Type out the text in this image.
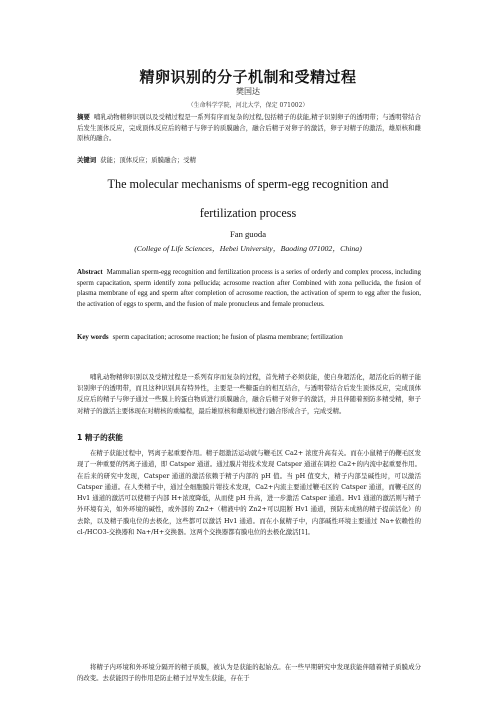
精卵识别的分子机制和受精过程
樊国达
（生命科学学院，河北大学，保定 071002）
摘要 哺乳动物精卵识别以及受精过程是一系列有序而复杂的过程,包括精子的获能,精子识别卵子的透明带；与透明带结合后发生顶体反应，完成顶体反应后的精子与卵子的质膜融合，融合后精子对卵子的激活，卵子对精子的激活，雄原核和雌原核的融合。
关键词 获能；顶体反应；质膜融合；受精
The molecular mechanisms of sperm-egg recognition and
fertilization process
Fan guoda
(College of Life Sciences，Hebei University，Baoding 071002，China)
Abstract Mammalian sperm-egg recognition and fertilization process is a series of orderly and complex process, including sperm capacitation, sperm identify zona pellucida; acrosome reaction after Combined with zona pellucida, the fusion of plasma membrane of egg and sperm after completion of acrosome reaction, the activation of sperm to egg after the fusion, the activation of eggs to sperm, and the fusion of male pronucleus and female pronucleus.
Key words sperm capacitation; acrosome reaction; he fusion of plasma membrane; fertilization
哺乳动物精卵识别以及受精过程是一系列有序而复杂的过程，首先精子必须获能，使自身超活化，超活化后的精子能识别卵子的透明带，而且这种识别具有特异性，主要是一些糖蛋白的相互结合，与透明带结合后发生顶体反应，完成顶体反应后的精子与卵子通过一些膜上的蛋白物质进行质膜融合，融合后精子对卵子的激活，并且伴随着预防多精受精，卵子对精子的激活主要体现在对精核的重编程，最后雄原核和雌原核进行融合形成合子，完成受精。
1 精子的获能
在精子获能过程中，钙离子起重要作用。精子超激活运动就与鞭毛区 Ca2+ 浓度升高有关。而在小鼠精子的鞭毛区发现了一种重要的钙离子通道，即 Catsper 通道。通过膜片钳技术发现 Catsper 通道在调控 Ca2+的内流中起重要作用。在后来的研究中发现，Catsper 通道的激活依赖于精子内部的 pH 值。当 pH 值变大，精子内部呈碱性时，可以激活 Catsper 通道。在人类精子中，通过全细胞膜片钳技术发现，Ca2+内流主要通过鞭毛区的 Catsper 通道，而鞭毛区的 Hv1 通道的激活可以使精子内部 H+浓度降低，从而使 pH 升高，进一步激活 Catsper 通道。Hv1 通道的激活则与精子外环境有关，如外环境的碱性，或外部的 Zn2+（精液中的 Zn2+可以阻断 Hv1 通道，预防未成熟的精子提前活化）的去除，以及精子膜电位的去极化，这些都可以激活 Hv1 通道。而在小鼠精子中，内部碱性环境主要通过 Na+依赖性的 cl-/HCO3-交换器和 Na+/H+交换器。这两个交换器都有膜电位的去极化激活[1]。
将精子内环境和外环境分隔开的精子质膜，被认为是获能的起始点。在一些早期研究中发现获能伴随着精子质膜成分的改变。去获能因子的作用是防止精子过早发生获能，存在于
